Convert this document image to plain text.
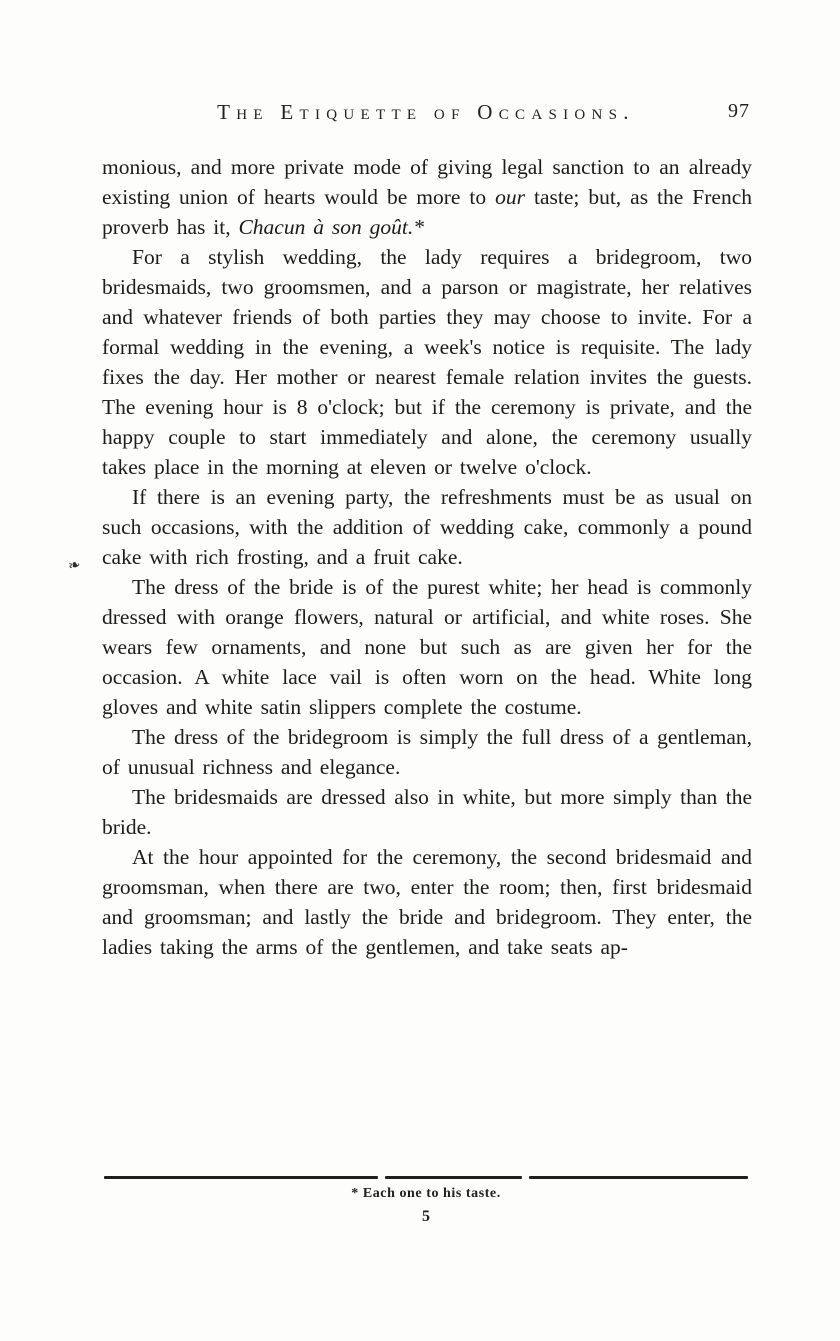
The Etiquette of Occasions.	97

monious, and more private mode of giving legal sanction to an already existing union of hearts would be more to our taste; but, as the French proverb has it, Chacun à son goût.*

For a stylish wedding, the lady requires a bridegroom, two bridesmaids, two groomsmen, and a parson or magistrate, her relatives and whatever friends of both parties they may choose to invite. For a formal wedding in the evening, a week's notice is requisite. The lady fixes the day. Her mother or nearest female relation invites the guests. The evening hour is 8 o'clock; but if the ceremony is private, and the happy couple to start immediately and alone, the ceremony usually takes place in the morning at eleven or twelve o'clock.

If there is an evening party, the refreshments must be as usual on such occasions, with the addition of wedding cake, commonly a pound cake with rich frosting, and a fruit cake.

The dress of the bride is of the purest white; her head is commonly dressed with orange flowers, natural or artificial, and white roses. She wears few ornaments, and none but such as are given her for the occasion. A white lace vail is often worn on the head. White long gloves and white satin slippers complete the costume.

The dress of the bridegroom is simply the full dress of a gentleman, of unusual richness and elegance.

The bridesmaids are dressed also in white, but more simply than the bride.

At the hour appointed for the ceremony, the second bridesmaid and groomsman, when there are two, enter the room; then, first bridesmaid and groomsman; and lastly the bride and bridegroom. They enter, the ladies taking the arms of the gentlemen, and take seats ap-

❧
* Each one to his taste.
5
